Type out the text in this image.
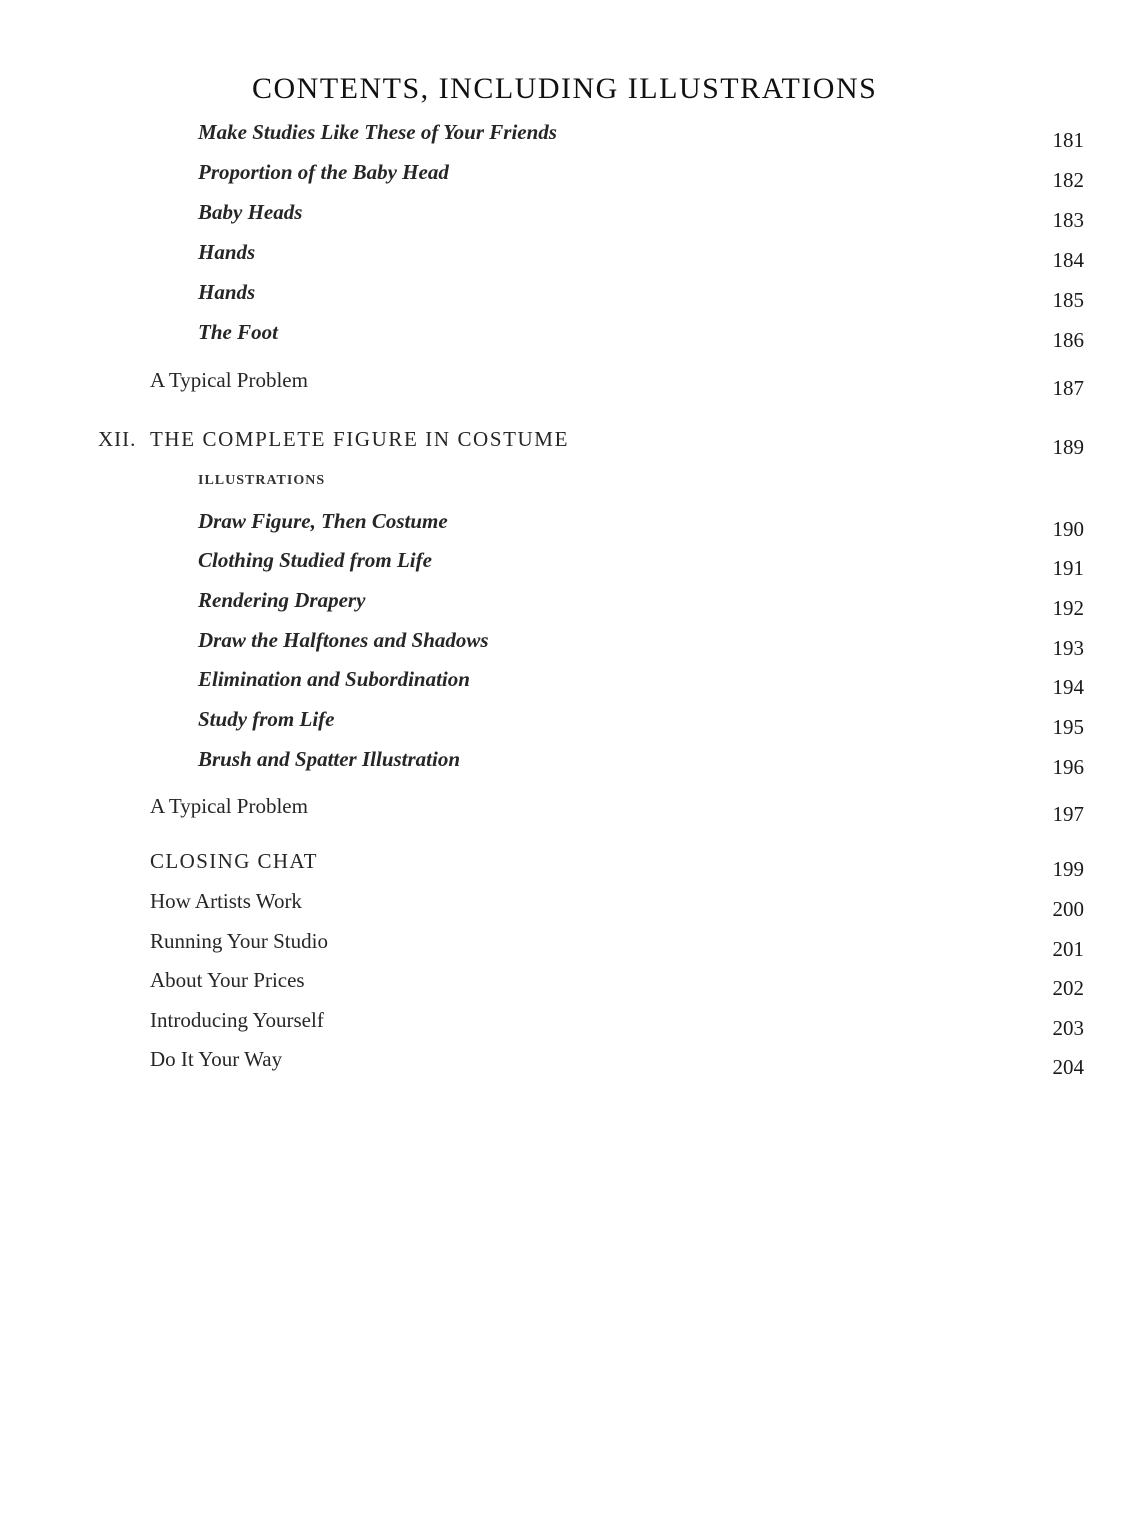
CONTENTS, INCLUDING ILLUSTRATIONS
Make Studies Like These of Your Friends	181
Proportion of the Baby Head	182
Baby Heads	183
Hands	184
Hands	185
The Foot	186
A Typical Problem	187
XII. THE COMPLETE FIGURE IN COSTUME	189
ILLUSTRATIONS
Draw Figure, Then Costume	190
Clothing Studied from Life	191
Rendering Drapery	192
Draw the Halftones and Shadows	193
Elimination and Subordination	194
Study from Life	195
Brush and Spatter Illustration	196
A Typical Problem	197
CLOSING CHAT	199
How Artists Work	200
Running Your Studio	201
About Your Prices	202
Introducing Yourself	203
Do It Your Way	204
